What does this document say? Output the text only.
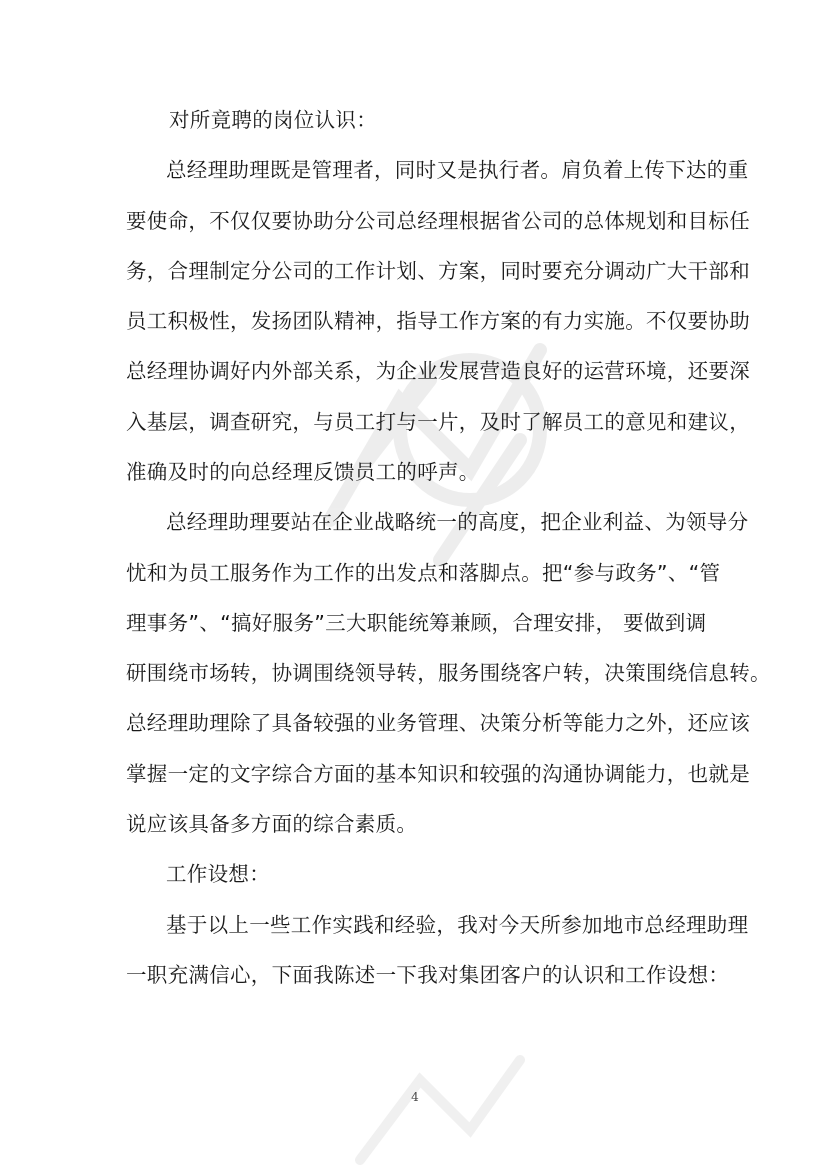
对所竟聘的岗位认识：
总经理助理既是管理者，同时又是执行者。肩负着上传下达的重
要使命，不仅仅要协助分公司总经理根据省公司的总体规划和目标任
务，合理制定分公司的工作计划、方案，同时要充分调动广大干部和
员工积极性，发扬团队精神，指导工作方案的有力实施。不仅要协助
总经理协调好内外部关系，为企业发展营造良好的运营环境，还要深
入基层，调查研究，与员工打与一片，及时了解员工的意见和建议，
准确及时的向总经理反馈员工的呼声。
总经理助理要站在企业战略统一的高度，把企业利益、为领导分
忧和为员工服务作为工作的出发点和落脚点。把“参与政务”、“管
理事务”、“搞好服务”三大职能统筹兼顾，合理安排， 要做到调
研围绕市场转，协调围绕领导转，服务围绕客户转，决策围绕信息转。
总经理助理除了具备较强的业务管理、决策分析等能力之外，还应该
掌握一定的文字综合方面的基本知识和较强的沟通协调能力，也就是
说应该具备多方面的综合素质。
工作设想：
基于以上一些工作实践和经验，我对今天所参加地市总经理助理
一职充满信心，下面我陈述一下我对集团客户的认识和工作设想：
4
